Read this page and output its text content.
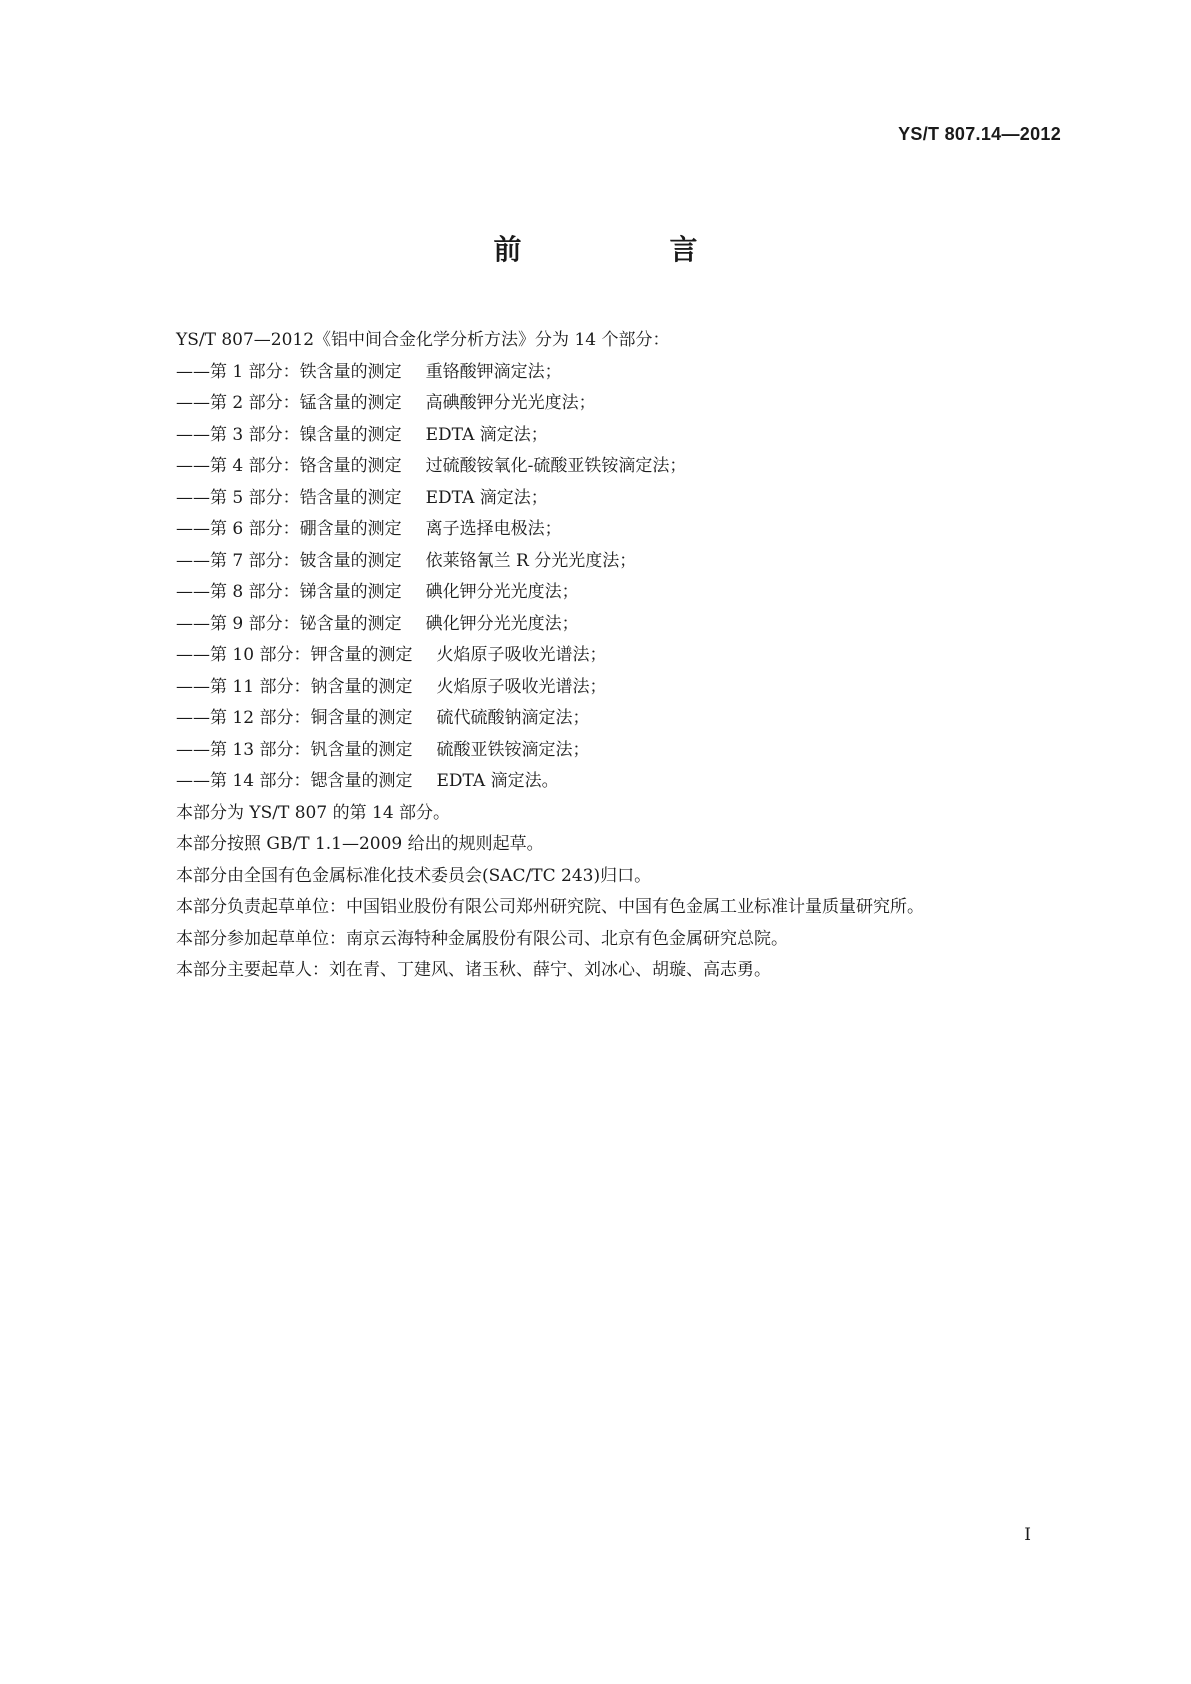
YS/T 807.14—2012
前　言
YS/T 807—2012《铝中间合金化学分析方法》分为 14 个部分：
——第 1 部分：铁含量的测定 重铬酸钾滴定法；
——第 2 部分：锰含量的测定 高碘酸钾分光光度法；
——第 3 部分：镍含量的测定 EDTA 滴定法；
——第 4 部分：铬含量的测定 过硫酸铵氧化-硫酸亚铁铵滴定法；
——第 5 部分：锆含量的测定 EDTA 滴定法；
——第 6 部分：硼含量的测定 离子选择电极法；
——第 7 部分：铍含量的测定 依莱铬氰兰 R 分光光度法；
——第 8 部分：锑含量的测定 碘化钾分光光度法；
——第 9 部分：铋含量的测定 碘化钾分光光度法；
——第 10 部分：钾含量的测定 火焰原子吸收光谱法；
——第 11 部分：钠含量的测定 火焰原子吸收光谱法；
——第 12 部分：铜含量的测定 硫代硫酸钠滴定法；
——第 13 部分：钒含量的测定 硫酸亚铁铵滴定法；
——第 14 部分：锶含量的测定 EDTA 滴定法。
本部分为 YS/T 807 的第 14 部分。
本部分按照 GB/T 1.1—2009 给出的规则起草。
本部分由全国有色金属标准化技术委员会(SAC/TC 243)归口。
本部分负责起草单位：中国铝业股份有限公司郑州研究院、中国有色金属工业标准计量质量研究所。
本部分参加起草单位：南京云海特种金属股份有限公司、北京有色金属研究总院。
本部分主要起草人：刘在青、丁建风、诸玉秋、薛宁、刘冰心、胡璇、高志勇。
I
